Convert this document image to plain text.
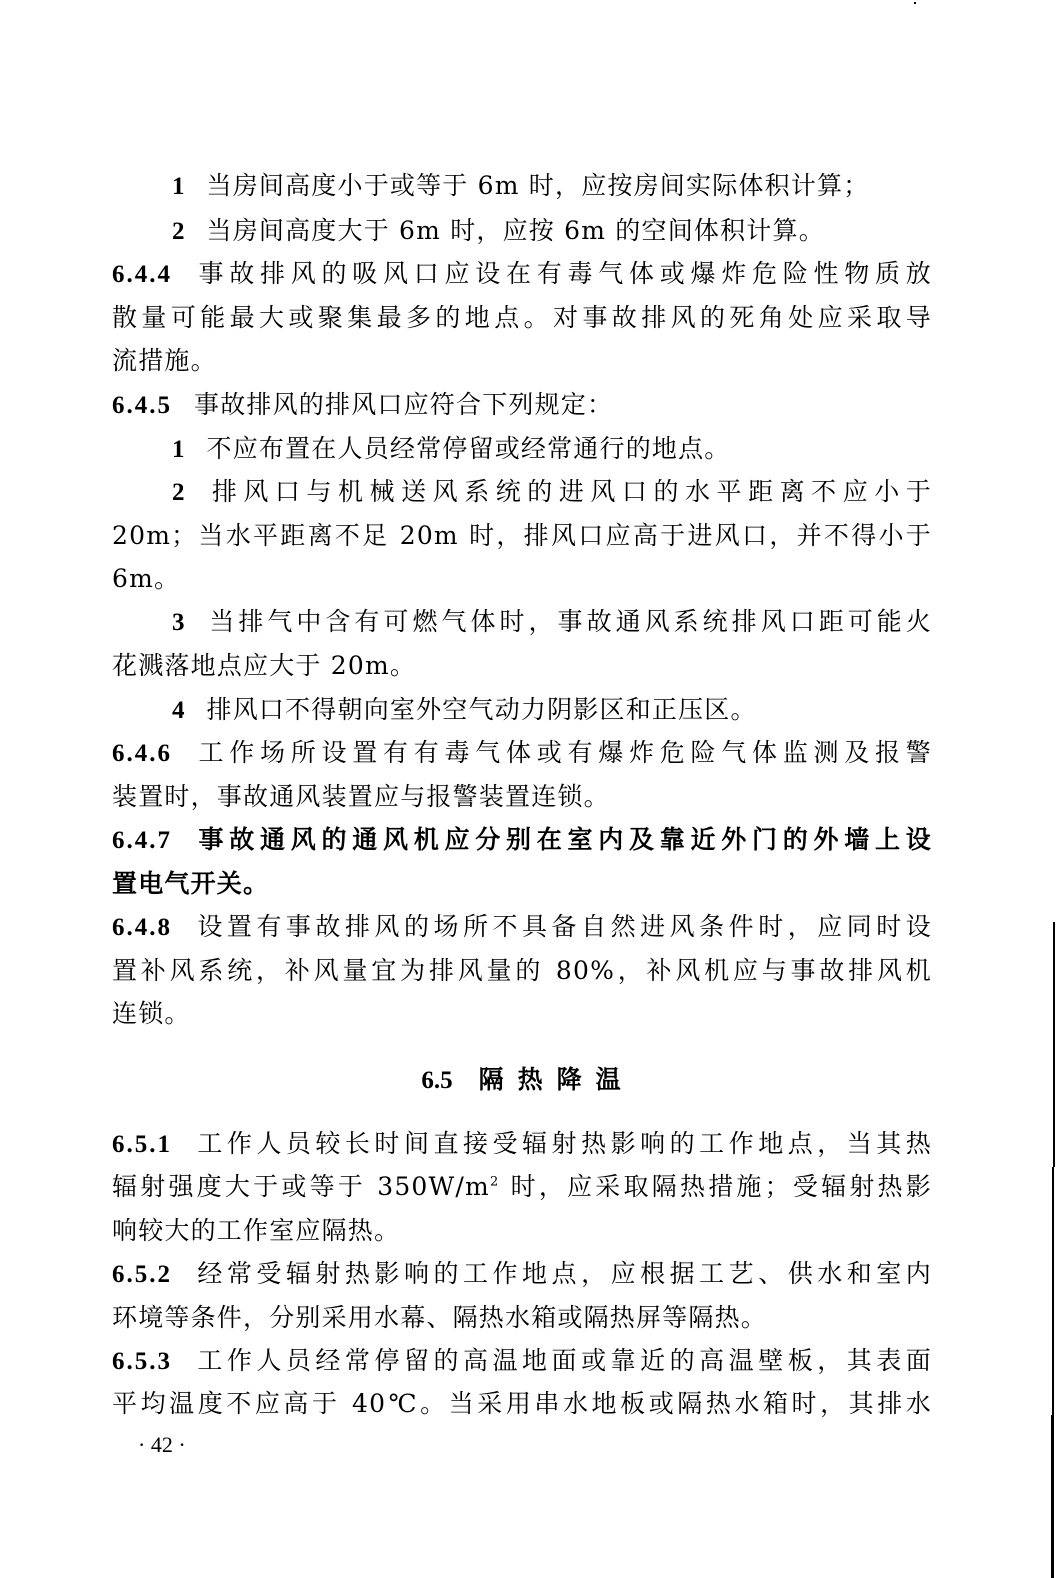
1 当房间高度小于或等于 6m 时，应按房间实际体积计算；
2 当房间高度大于 6m 时，应按 6m 的空间体积计算。
6.4.4 事故排风的吸风口应设在有毒气体或爆炸危险性物质放
散量可能最大或聚集最多的地点。对事故排风的死角处应采取导
流措施。
6.4.5 事故排风的排风口应符合下列规定：
1 不应布置在人员经常停留或经常通行的地点。
2 排风口与机械送风系统的进风口的水平距离不应小于
20m；当水平距离不足 20m 时，排风口应高于进风口，并不得小于
6m。
3 当排气中含有可燃气体时，事故通风系统排风口距可能火
花溅落地点应大于 20m。
4 排风口不得朝向室外空气动力阴影区和正压区。
6.4.6 工作场所设置有有毒气体或有爆炸危险气体监测及报警
装置时，事故通风装置应与报警装置连锁。
6.4.7 事故通风的通风机应分别在室内及靠近外门的外墙上设
置电气开关。
6.4.8 设置有事故排风的场所不具备自然进风条件时，应同时设
置补风系统，补风量宜为排风量的 80%，补风机应与事故排风机
连锁。
6.5 隔热降温
6.5.1 工作人员较长时间直接受辐射热影响的工作地点，当其热
辐射强度大于或等于 $350W/m^2$ 时，应采取隔热措施；受辐射热影
响较大的工作室应隔热。
6.5.2 经常受辐射热影响的工作地点，应根据工艺、供水和室内
环境等条件，分别采用水幕、隔热水箱或隔热屏等隔热。
6.5.3 工作人员经常停留的高温地面或靠近的高温壁板，其表面
平均温度不应高于 40℃。当采用串水地板或隔热水箱时，其排水
· 42 ·
